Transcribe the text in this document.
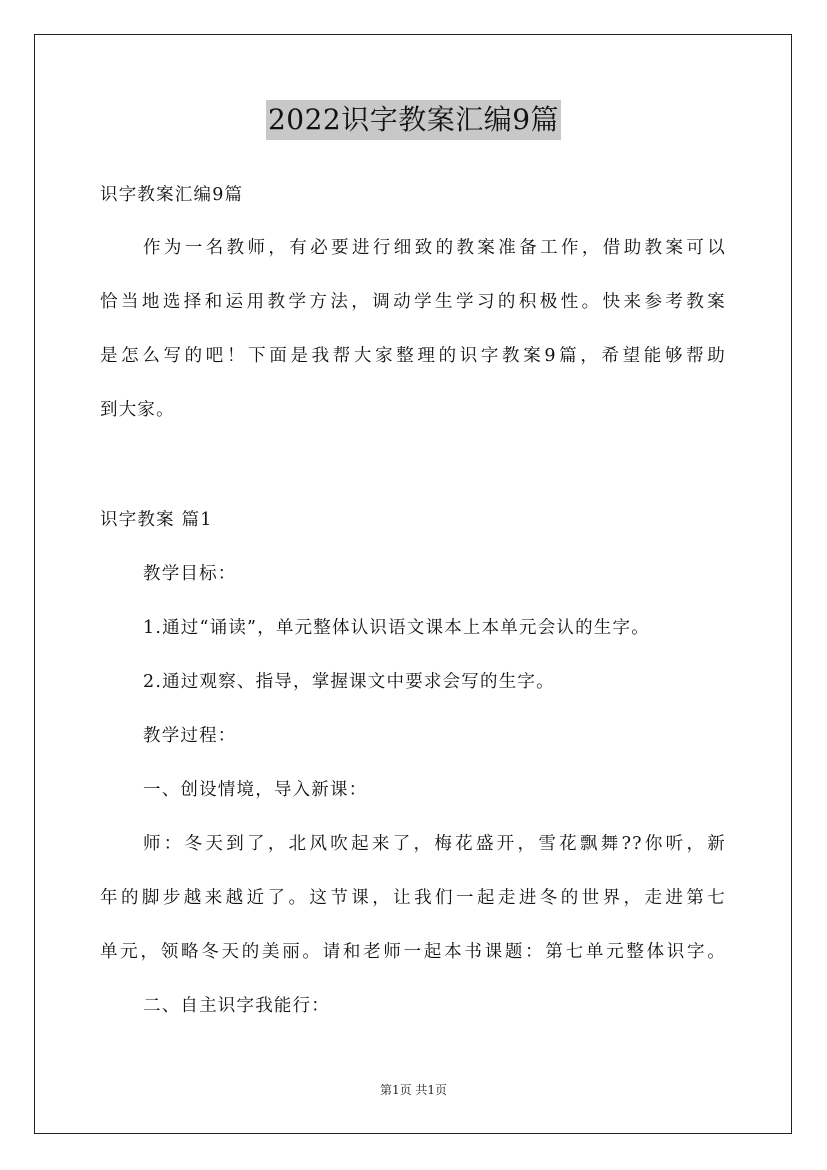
2022识字教案汇编9篇
识字教案汇编9篇
作为一名教师，有必要进行细致的教案准备工作，借助教案可以
恰当地选择和运用教学方法，调动学生学习的积极性。快来参考教案
是怎么写的吧！下面是我帮大家整理的识字教案9篇，希望能够帮助
到大家。
识字教案 篇1
教学目标：
1.通过“诵读”，单元整体认识语文课本上本单元会认的生字。
2.通过观察、指导，掌握课文中要求会写的生字。
教学过程：
一、创设情境，导入新课：
师：冬天到了，北风吹起来了，梅花盛开，雪花飘舞??你听，新
年的脚步越来越近了。这节课，让我们一起走进冬的世界，走进第七
单元，领略冬天的美丽。请和老师一起本书课题：第七单元整体识字。
二、自主识字我能行：
第1页 共1页
